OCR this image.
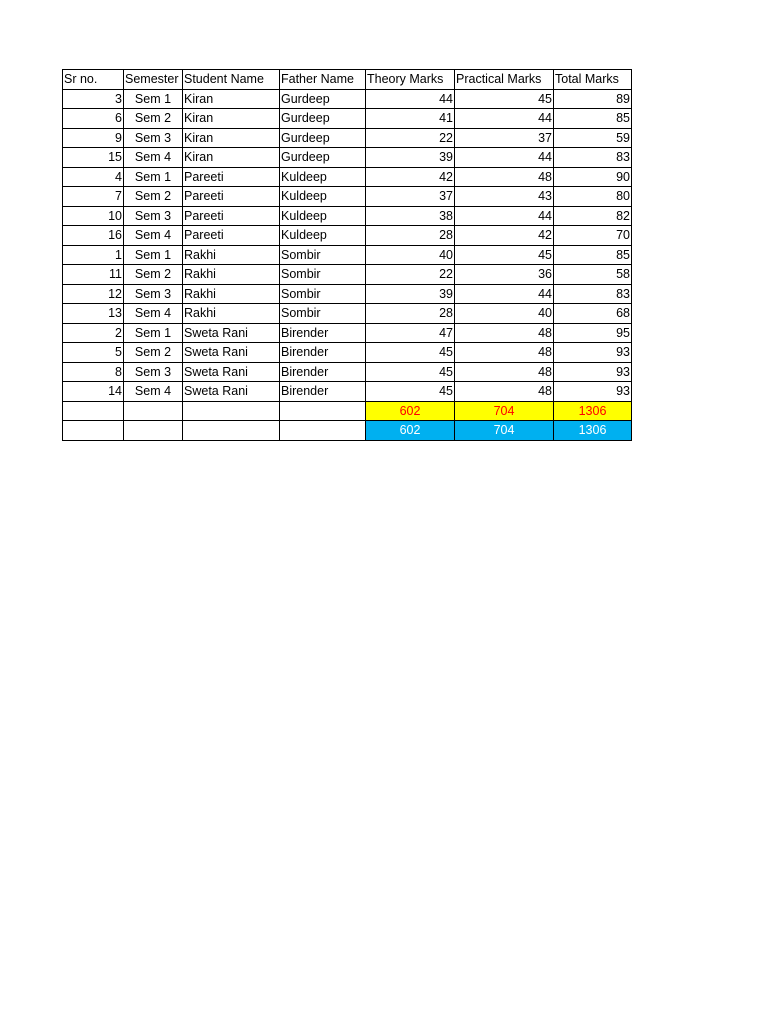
Sr no.	Semester	Student Name	Father Name	Theory Marks	Practical Marks	Total Marks
3	Sem 1	Kiran	Gurdeep	44	45	89
6	Sem 2	Kiran	Gurdeep	41	44	85
9	Sem 3	Kiran	Gurdeep	22	37	59
15	Sem 4	Kiran	Gurdeep	39	44	83
4	Sem 1	Pareeti	Kuldeep	42	48	90
7	Sem 2	Pareeti	Kuldeep	37	43	80
10	Sem 3	Pareeti	Kuldeep	38	44	82
16	Sem 4	Pareeti	Kuldeep	28	42	70
1	Sem 1	Rakhi	Sombir	40	45	85
11	Sem 2	Rakhi	Sombir	22	36	58
12	Sem 3	Rakhi	Sombir	39	44	83
13	Sem 4	Rakhi	Sombir	28	40	68
2	Sem 1	Sweta Rani	Birender	47	48	95
5	Sem 2	Sweta Rani	Birender	45	48	93
8	Sem 3	Sweta Rani	Birender	45	48	93
14	Sem 4	Sweta Rani	Birender	45	48	93
				602	704	1306
				602	704	1306
